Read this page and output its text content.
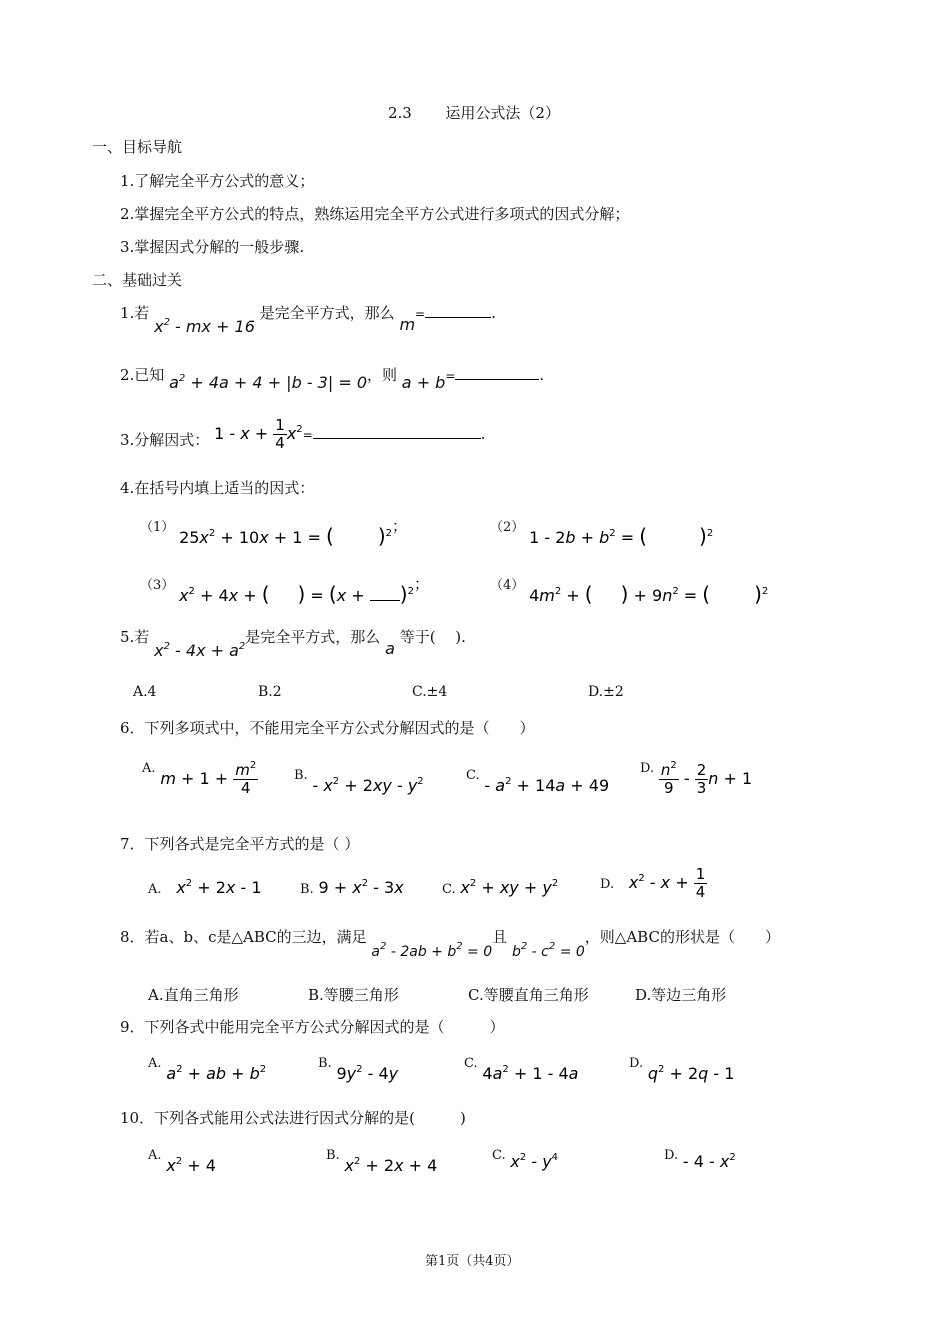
2.3 运用公式法（2）
一、目标导航
1.了解完全平方公式的意义；
2.掌握完全平方公式的特点，熟练运用完全平方公式进行多项式的因式分解；
3.掌握因式分解的一般步骤.
二、基础过关
1.若 $x^2$ - mx + 16 是完全平方式，那么 m=	.
2.已知 $a^2 + 4a + 4 + |b - 3| = 0$，则 a + b=	.
3.分解因式： $1 - x + \frac{1}{4} x^2=$	.
4.在括号内填上适当的因式：
（1） $25x^2 + 10x + 1$ = ( )$^2$；	（2） $1 - 2b + b^2$ = (	)$^2$
（3） $x^2 + 4x$ + ( ) = $(x + )^2$；	（4） $4m^2$ + ( ) + $9n^2$ = ( )$^2$
5.若 $x^2 - 4x + a^2$是完全平方式，那么 a 等于(　 ).
A.4	B.2	C.±4	D.±2
6．下列多项式中，不能用完全平方公式分解因式的是（　　）
A. $m + 1 + \frac{m^2}{4}$	B. - $x^2 + 2xy - y^2$	C. - $a^2 + 14a + 49$
D. $\frac{n^2}{9} - \frac{2}{3}$ n + 1
7．下列各式是完全平方式的是（ ）
A. $x^2 + 2x - 1$	B. $9 + x^2 - 3x$	C. $x^2$ + xy + $y^2$	D. $x^2 - x + \frac{1}{4}$
8．若a、b、c是△ABC的三边，满足 $a^2 - 2ab + b^2 = 0$且 $b^2 - c^2 = 0$，则△ABC的形状是（　　）
A.直角三角形	B.等腰三角形	C.等腰直角三角形	D.等边三角形
9．下列各式中能用完全平方公式分解因式的是（　　　）
A. $a^2$ + ab + $b^2$	B. $9y^2 - 4y$
C. $4a^2 + 1 - 4a$
D. $q^2 + 2q - 1$
10．下列各式能用公式法进行因式分解的是(　　　)
A. $x^2 + 4$
B. $x^2 + 2x + 4$
C. $x^2 - y^4$	D. - $4 - x^2$
第1页（共4页）
